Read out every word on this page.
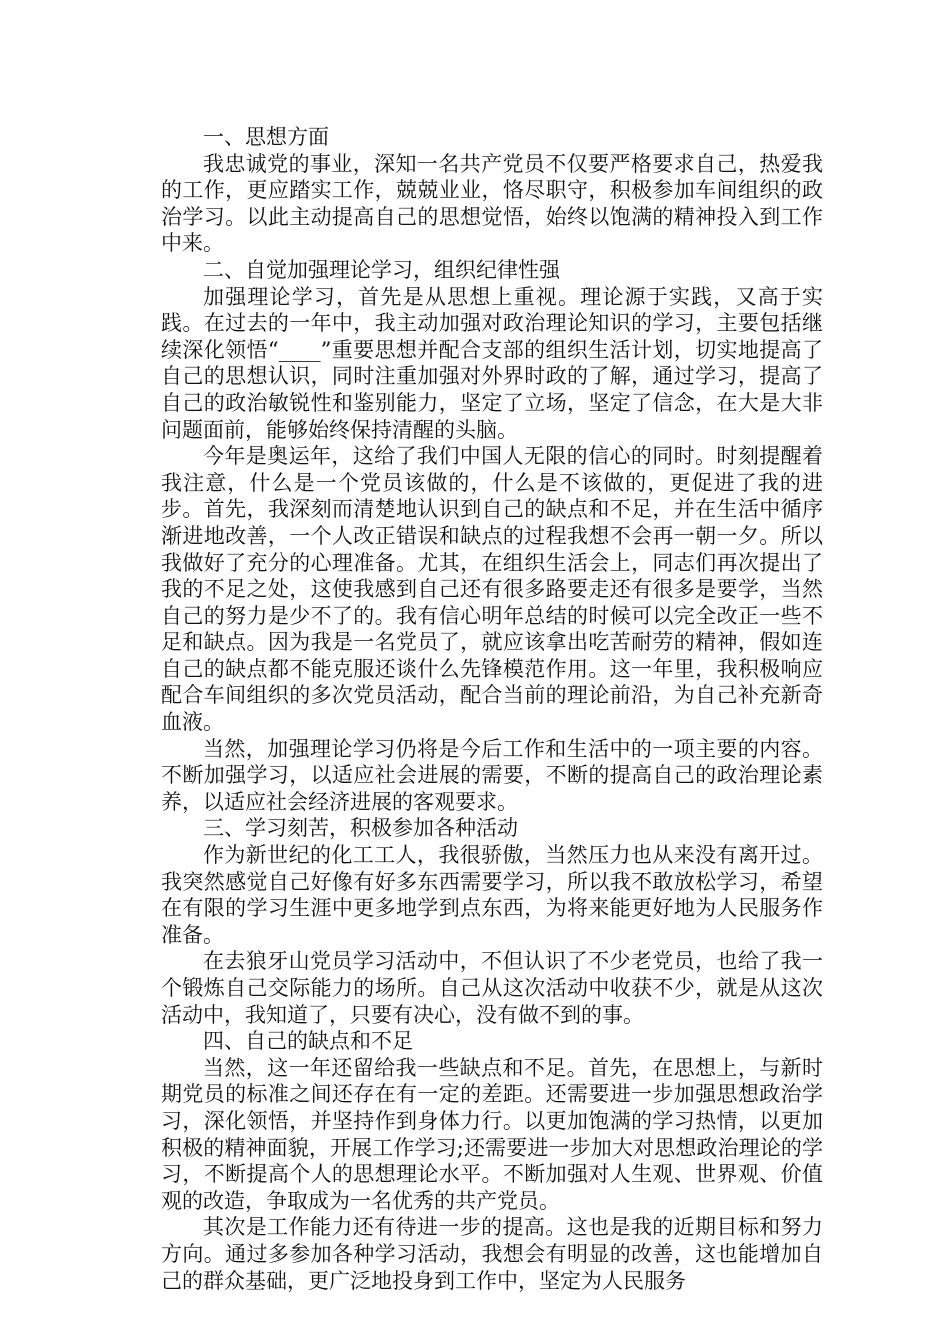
一、思想方面

我忠诚党的事业，深知一名共产党员不仅要严格要求自己，热爱我的工作，更应踏实工作，兢兢业业，恪尽职守，积极参加车间组织的政治学习。以此主动提高自己的思想觉悟，始终以饱满的精神投入到工作中来。

二、自觉加强理论学习，组织纪律性强

加强理论学习，首先是从思想上重视。理论源于实践，又高于实践。在过去的一年中，我主动加强对政治理论知识的学习，主要包括继续深化领悟“____”重要思想并配合支部的组织生活计划，切实地提高了自己的思想认识，同时注重加强对外界时政的了解，通过学习，提高了自己的政治敏锐性和鉴别能力，坚定了立场，坚定了信念，在大是大非问题面前，能够始终保持清醒的头脑。

今年是奥运年，这给了我们中国人无限的信心的同时。时刻提醒着我注意，什么是一个党员该做的，什么是不该做的，更促进了我的进步。首先，我深刻而清楚地认识到自己的缺点和不足，并在生活中循序渐进地改善，一个人改正错误和缺点的过程我想不会再一朝一夕。所以我做好了充分的心理准备。尤其，在组织生活会上，同志们再次提出了我的不足之处，这使我感到自己还有很多路要走还有很多是要学，当然自己的努力是少不了的。我有信心明年总结的时候可以完全改正一些不足和缺点。因为我是一名党员了，就应该拿出吃苦耐劳的精神，假如连自己的缺点都不能克服还谈什么先锋模范作用。这一年里，我积极响应配合车间组织的多次党员活动，配合当前的理论前沿，为自己补充新奇血液。

当然，加强理论学习仍将是今后工作和生活中的一项主要的内容。不断加强学习，以适应社会进展的需要，不断的提高自己的政治理论素养，以适应社会经济进展的客观要求。

三、学习刻苦，积极参加各种活动

作为新世纪的化工工人，我很骄傲，当然压力也从来没有离开过。我突然感觉自己好像有好多东西需要学习，所以我不敢放松学习，希望在有限的学习生涯中更多地学到点东西，为将来能更好地为人民服务作准备。

在去狼牙山党员学习活动中，不但认识了不少老党员，也给了我一个锻炼自己交际能力的场所。自己从这次活动中收获不少，就是从这次活动中，我知道了，只要有决心，没有做不到的事。

四、自己的缺点和不足

当然，这一年还留给我一些缺点和不足。首先，在思想上，与新时期党员的标准之间还存在有一定的差距。还需要进一步加强思想政治学习，深化领悟，并坚持作到身体力行。以更加饱满的学习热情，以更加积极的精神面貌，开展工作学习;还需要进一步加大对思想政治理论的学习，不断提高个人的思想理论水平。不断加强对人生观、世界观、价值观的改造，争取成为一名优秀的共产党员。

其次是工作能力还有待进一步的提高。这也是我的近期目标和努力方向。通过多参加各种学习活动，我想会有明显的改善，这也能增加自己的群众基础，更广泛地投身到工作中，坚定为人民服务
